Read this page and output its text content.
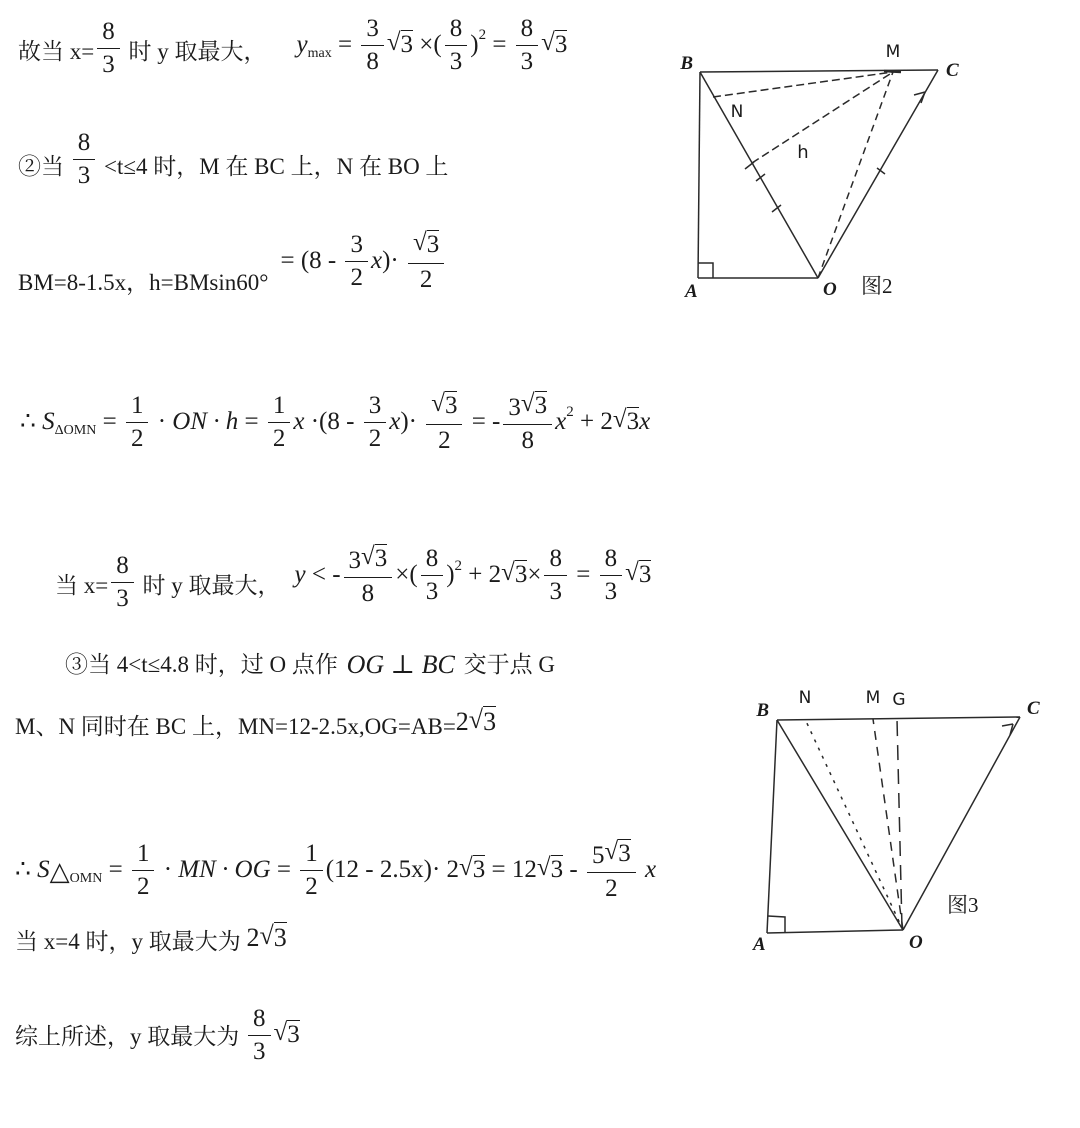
故当 $x= \frac{8}{3}$ 时 y 取最大， y $\max = \frac{3}{8}$ √ 3 ×( $\frac{8}{3}$ ) $2 = \frac{8}{3}$ √ 3
②当 $\frac{8}{3} <t\le 4$ 时，M 在 BC 上，N 在 BO 上
BM=8-1.5x，h=BMsin60°
= ($8 - \frac{3}{2}$ x )· $\frac{√ 3}{2}$
∴ S $\Delta OMN = \frac{1}{2}$ · ON · $h = \frac{1}{2}$ $x \cdot(8 - \frac{3}{2}$ x )· $\frac{√ 3}{2}$ = - $\frac{3 √ 3}{8}$ x 2 + 2 √ 3 x
当 $x= \frac{8}{3}$ 时 y 取最大， y < - $\frac{3 √ 3}{8}$ ×( $\frac{8}{3}$ ) 2 + 2 √ $3 \times \frac{8}{3} = \frac{8}{3}$ √ 3
③当 4<t≤4.8 时，过 O 点作 OG ⊥ BC 交于点 G
M、N 同时在 BC 上，MN=12-2.5x,OG=AB= 2 √ 3
∴ S △ OMN = $\frac{1}{2}$ · MN · OG = $\frac{1}{2} (12 - 2.5x)\cdot 2$ √ 3 = 12 √ $3 - \frac{5 √ 3}{2}$ x
当 x=4 时，y 取最大为 2 √ 3
综上所述，y 取最大为 $\frac{8}{3}$ √ 3
B
M
C
N
h
A	O 图2
B
N	M G	C
A	O
图3
